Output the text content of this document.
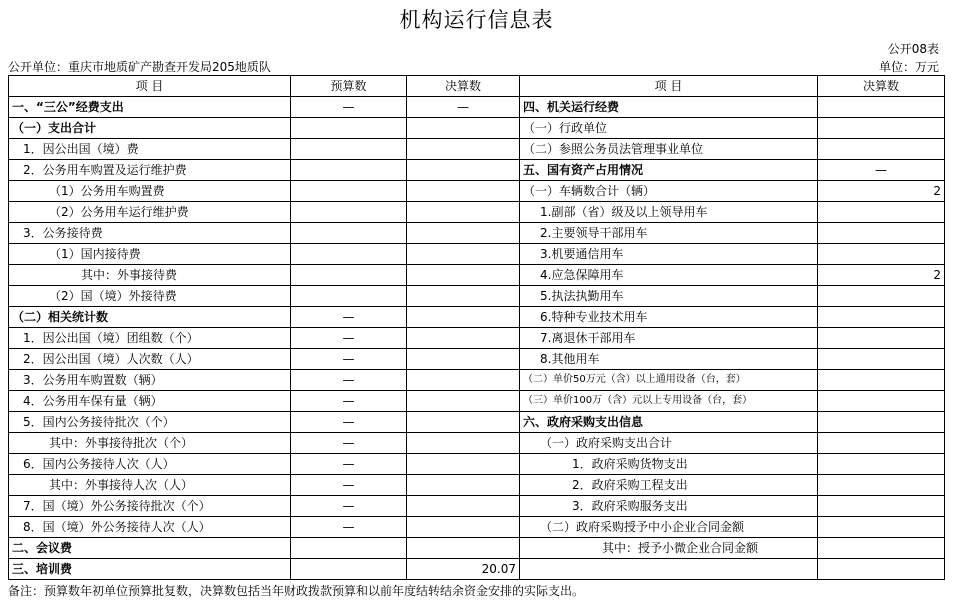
机构运行信息表
公开08表
公开单位：重庆市地质矿产勘查开发局205地质队	单位：万元
项 目	预算数	决算数	项 目	决算数
一、“三公”经费支出	—	—	四、机关运行经费	
（一）支出合计			（一）行政单位	
1．因公出国（境）费			（二）参照公务员法管理事业单位	
2．公务用车购置及运行维护费			五、国有资产占用情况	—
（1）公务用车购置费			（一）车辆数合计（辆）	2
（2）公务用车运行维护费			1.副部（省）级及以上领导用车	
3．公务接待费			2.主要领导干部用车	
（1）国内接待费			3.机要通信用车	
其中：外事接待费			4.应急保障用车	2
（2）国（境）外接待费			5.执法执勤用车	
（二）相关统计数	—		6.特种专业技术用车	
1．因公出国（境）团组数（个）	—		7.离退休干部用车	
2．因公出国（境）人次数（人）	—		8.其他用车	
3．公务用车购置数（辆）	—		（二）单价50万元（含）以上通用设备（台，套）	
4．公务用车保有量（辆）	—		（三）单价100万（含）元以上专用设备（台，套）	
5．国内公务接待批次（个）	—		六、政府采购支出信息	
其中：外事接待批次（个）	—		（一）政府采购支出合计	
6．国内公务接待人次（人）	—		1．政府采购货物支出	
其中：外事接待人次（人）	—		2．政府采购工程支出	
7．国（境）外公务接待批次（个）	—		3．政府采购服务支出	
8．国（境）外公务接待人次（人）	—		（二）政府采购授予中小企业合同金额	
二、会议费			其中：授予小微企业合同金额	
三、培训费		20.07		
备注：预算数年初单位预算批复数，决算数包括当年财政拨款预算和以前年度结转结余资金安排的实际支出。
